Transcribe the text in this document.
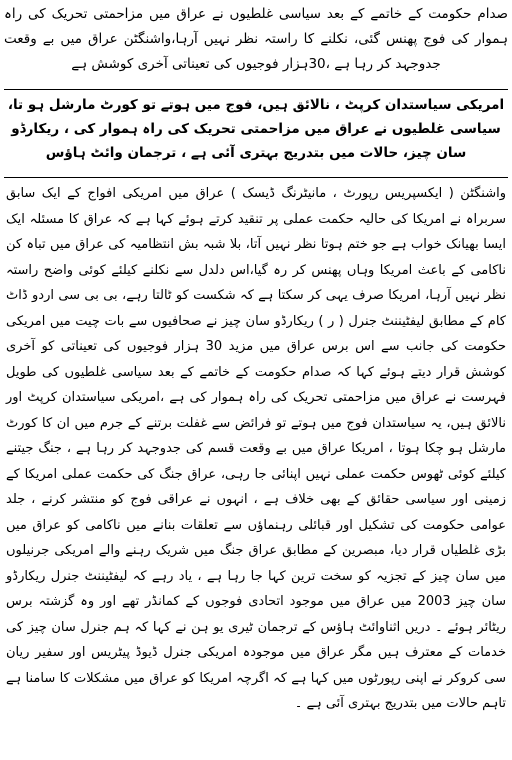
صدام حکومت کے خاتمے کے بعد سیاسی غلطیوں نے عراق میں مزاحمتی تحریک کی راہ ہموار کی فوج پھنس گئی، نکلنے کا راستہ نظر نہیں آرہا،واشنگٹن عراق میں بے وقعت جدوجہد کر رہا ہے ،30ہزار فوجیوں کی تعیناتی آخری کوشش ہے

امریکی سیاستدان کرپٹ ، نالائق ہیں، فوج میں ہوتے تو کورٹ مارشل ہو تا، سیاسی غلطیوں نے عراق میں مزاحمتی تحریک کی راہ ہموار کی ، ریکارڈو سان چیز، حالات میں بتدریج بہتری آئی ہے ، ترجمان وائٹ ہاؤس

واشنگٹن ( ایکسپریس رپورٹ ، مانیٹرنگ ڈیسک ) عراق میں امریکی افواج کے ایک سابق سربراہ نے امریکا کی حالیہ حکمت عملی پر تنقید کرتے ہوئے کہا ہے کہ عراق کا مسئلہ ایک ایسا بھیانک خواب ہے جو ختم ہوتا نظر نہیں آتا، بلا شبہ بش انتظامیہ کی عراق میں تباہ کن ناکامی کے باعث امریکا وہاں پھنس کر رہ گیا،اس دلدل سے نکلنے کیلئے کوئی واضح راستہ نظر نہیں آرہا، امریکا صرف یہی کر سکتا ہے کہ شکست کو ٹالتا رہے، بی بی سی اردو ڈاٹ کام کے مطابق لیفٹیننٹ جنرل ( ر ) ریکارڈو سان چیز نے صحافیوں سے بات چیت میں امریکی حکومت کی جانب سے اس برس عراق میں مزید 30 ہزار فوجیوں کی تعیناتی کو آخری کوشش قرار دیتے ہوئے کہا کہ صدام حکومت کے خاتمے کے بعد سیاسی غلطیوں کی طویل فہرست نے عراق میں مزاحمتی تحریک کی راہ ہموار کی ہے ،امریکی سیاستدان کرپٹ اور نالائق ہیں، یہ سیاستدان فوج میں ہوتے تو فرائض سے غفلت برتنے کے جرم میں ان کا کورٹ مارشل ہو چکا ہوتا ، امریکا عراق میں بے وقعت قسم کی جدوجہد کر رہا ہے ، جنگ جیتنے کیلئے کوئی ٹھوس حکمت عملی نہیں اپنائی جا رہی، عراق جنگ کی حکمت عملی امریکا کے زمینی اور سیاسی حقائق کے بھی خلاف ہے ، انہوں نے عراقی فوج کو منتشر کرنے ، جلد عوامی حکومت کی تشکیل اور قبائلی رہنماؤں سے تعلقات بنانے میں ناکامی کو عراق میں بڑی غلطیاں قرار دیا، مبصرین کے مطابق عراق جنگ میں شریک رہنے والے امریکی جرنیلوں میں سان چیز کے تجزیہ کو سخت ترین کہا جا رہا ہے ، یاد رہے کہ لیفٹیننٹ جنرل ریکارڈو سان چیز 2003 میں عراق میں موجود اتحادی فوجوں کے کمانڈر تھے اور وہ گزشتہ برس ریٹائر ہوئے ۔ دریں اثناوائٹ ہاؤس کے ترجمان ٹیری یو ہن نے کہا کہ ہم جنرل سان چیز کی خدمات کے معترف ہیں مگر عراق میں موجودہ امریکی جنرل ڈیوڈ پیٹریس اور سفیر ریان سی کروکر نے اپنی رپورٹوں میں کہا ہے کہ اگرچہ امریکا کو عراق میں مشکلات کا سامنا ہے تاہم حالات میں بتدریج بہتری آئی ہے ۔
